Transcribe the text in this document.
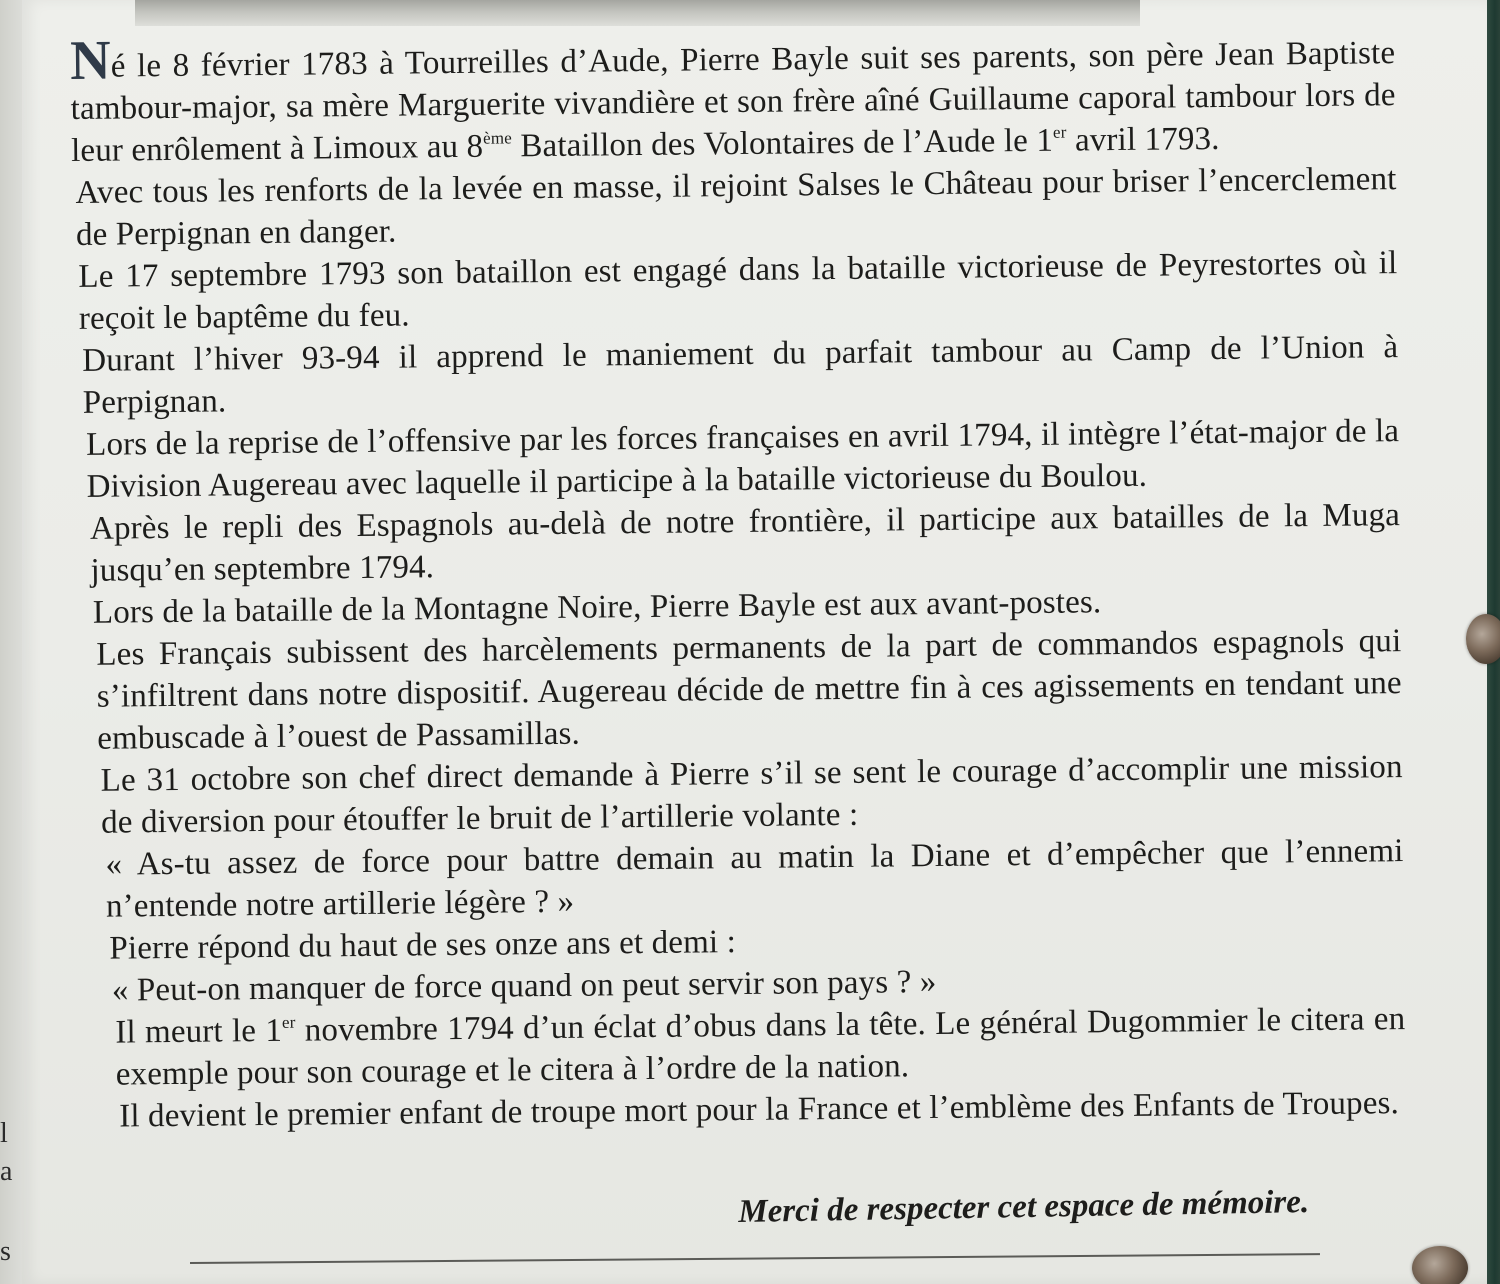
l
a
s

Né le 8 février 1783 à Tourreilles d’Aude, Pierre Bayle suit ses parents, son père Jean Baptiste tambour-major, sa mère Marguerite vivandière et son frère aîné Guillaume caporal tambour lors de leur enrôlement à Limoux au 8ème Bataillon des Volontaires de l’Aude le 1er avril 1793.

Avec tous les renforts de la levée en masse, il rejoint Salses le Château pour briser l’encerclement de Perpignan en danger.

Le 17 septembre 1793 son bataillon est engagé dans la bataille victorieuse de Peyrestortes où il reçoit le baptême du feu.

Durant l’hiver 93-94 il apprend le maniement du parfait tambour au Camp de l’Union à Perpignan.

Lors de la reprise de l’offensive par les forces françaises en avril 1794, il intègre l’état-major de la Division Augereau avec laquelle il participe à la bataille victorieuse du Boulou.

Après le repli des Espagnols au-delà de notre frontière, il participe aux batailles de la Muga jusqu’en septembre 1794.

Lors de la bataille de la Montagne Noire, Pierre Bayle est aux avant-postes.

Les Français subissent des harcèlements permanents de la part de commandos espagnols qui s’infiltrent dans notre dispositif. Augereau décide de mettre fin à ces agissements en tendant une embuscade à l’ouest de Passamillas.

Le 31 octobre son chef direct demande à Pierre s’il se sent le courage d’accomplir une mission de diversion pour étouffer le bruit de l’artillerie volante :

« As-tu assez de force pour battre demain au matin la Diane et d’empêcher que l’ennemi n’entende notre artillerie légère ? »

Pierre répond du haut de ses onze ans et demi :

« Peut-on manquer de force quand on peut servir son pays ? »

Il meurt le 1er novembre 1794 d’un éclat d’obus dans la tête. Le général Dugommier le citera en exemple pour son courage et le citera à l’ordre de la nation.

Il devient le premier enfant de troupe mort pour la France et l’emblème des Enfants de Troupes.

Merci de respecter cet espace de mémoire.
